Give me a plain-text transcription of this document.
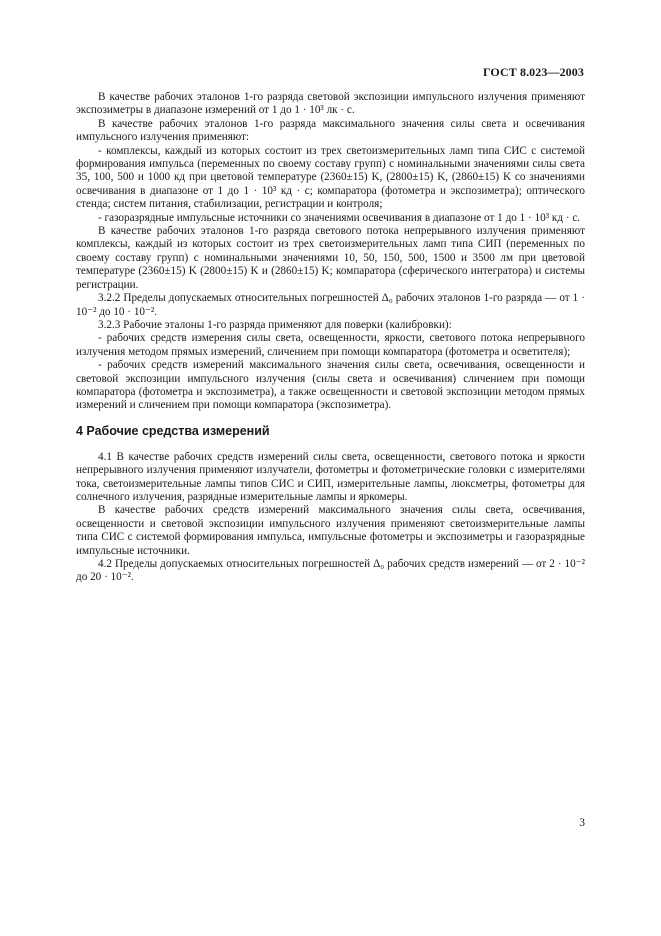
ГОСТ 8.023—2003

В качестве рабочих эталонов 1-го разряда световой экспозиции импульсного излучения применяют экспозиметры в диапазоне измерений от 1 до 1 · 10³ лк · с.

В качестве рабочих эталонов 1-го разряда максимального значения силы света и освечивания импульсного излучения применяют:

- комплексы, каждый из которых состоит из трех светоизмерительных ламп типа СИС с системой формирования импульса (переменных по своему составу групп) с номинальными значениями силы света 35, 100, 500 и 1000 кд при цветовой температуре (2360±15) K, (2800±15) K, (2860±15) K со значениями освечивания в диапазоне от 1 до 1 · 10³ кд · с; компаратора (фотометра и экспозиметра); оптического стенда; систем питания, стабилизации, регистрации и контроля;

- газоразрядные импульсные источники со значениями освечивания в диапазоне от 1 до 1 · 10³ кд · с.

В качестве рабочих эталонов 1-го разряда светового потока непрерывного излучения применяют комплексы, каждый из которых состоит из трех светоизмерительных ламп типа СИП (переменных по своему составу групп) с номинальными значениями 10, 50, 150, 500, 1500 и 3500 лм при цветовой температуре (2360±15) K (2800±15) K и (2860±15) K; компаратора (сферического интегратора) и системы регистрации.

3.2.2 Пределы допускаемых относительных погрешностей Δ₀ рабочих эталонов 1-го разряда — от 1 · 10⁻² до 10 · 10⁻².

3.2.3 Рабочие эталоны 1-го разряда применяют для поверки (калибровки):

- рабочих средств измерения силы света, освещенности, яркости, светового потока непрерывного излучения методом прямых измерений, сличением при помощи компаратора (фотометра и осветителя);

- рабочих средств измерений максимального значения силы света, освечивания, освещенности и световой экспозиции импульсного излучения (силы света и освечивания) сличением при помощи компаратора (фотометра и экспозиметра), а также освещенности и световой экспозиции методом прямых измерений и сличением при помощи компаратора (экспозиметра).

4 Рабочие средства измерений

4.1 В качестве рабочих средств измерений силы света, освещенности, светового потока и яркости непрерывного излучения применяют излучатели, фотометры и фотометрические головки с измерителями тока, светоизмерительные лампы типов СИС и СИП, измерительные лампы, люксметры, фотометры для солнечного излучения, разрядные измерительные лампы и яркомеры.

В качестве рабочих средств измерений максимального значения силы света, освечивания, освещенности и световой экспозиции импульсного излучения применяют светоизмерительные лампы типа СИС с системой формирования импульса, импульсные фотометры и экспозиметры и газоразрядные импульсные источники.

4.2 Пределы допускаемых относительных погрешностей Δ₀ рабочих средств измерений — от 2 · 10⁻² до 20 · 10⁻².

3
